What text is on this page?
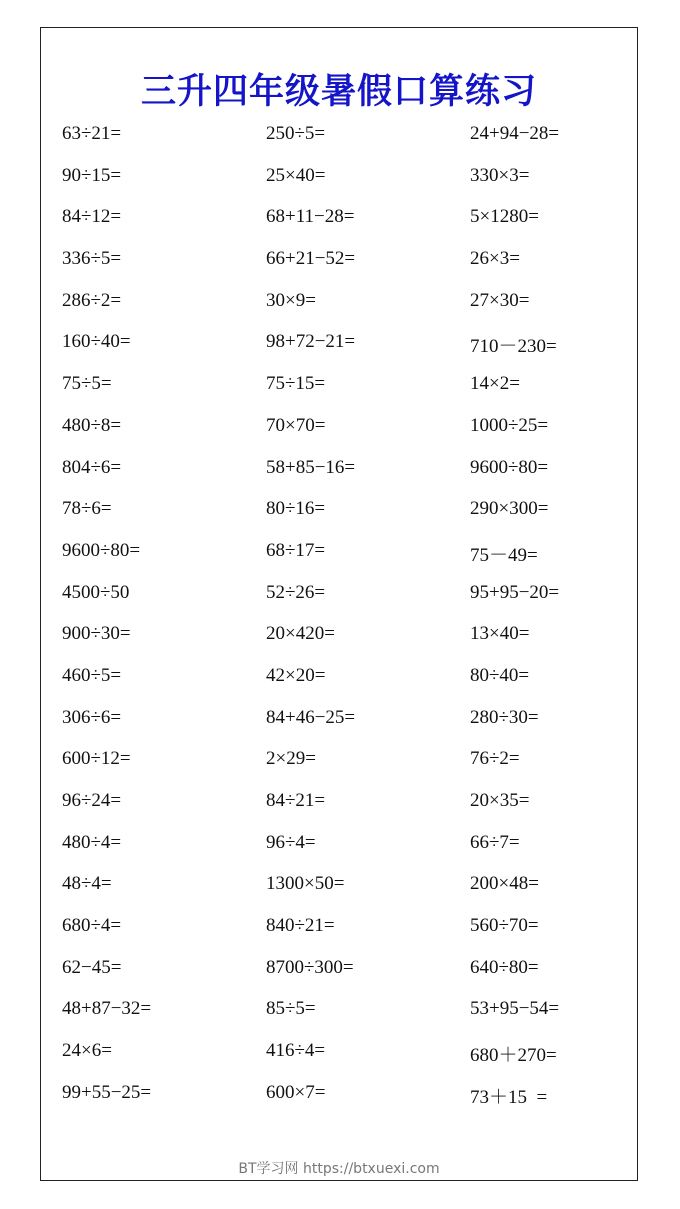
三升四年级暑假口算练习
63÷21=	250÷5=	24+94−28=
90÷15=	25×40=	330×3=
84÷12=	68+11−28=	5×1280=
336÷5=	66+21−52=	26×3=
286÷2=	30×9=	27×30=
160÷40=	98+72−21=	710－230=
75÷5=	75÷15=	14×2=
480÷8=	70×70=	1000÷25=
804÷6=	58+85−16=	9600÷80=
78÷6=	80÷16=	290×300=
9600÷80=	68÷17=	75－49=
4500÷50	52÷26=	95+95−20=
900÷30=	20×420=	13×40=
460÷5=	42×20=	80÷40=
306÷6=	84+46−25=	280÷30=
600÷12=	2×29=	76÷2=
96÷24=	84÷21=	20×35=
480÷4=	96÷4=	66÷7=
48÷4=	1300×50=	200×48=
680÷4=	840÷21=	560÷70=
62−45=	8700÷300=	640÷80=
48+87−32=	85÷5=	53+95−54=
24×6=	416÷4=	680＋270=
99+55−25=	600×7=	73＋15  =
BT学习网 https://btxuexi.com
